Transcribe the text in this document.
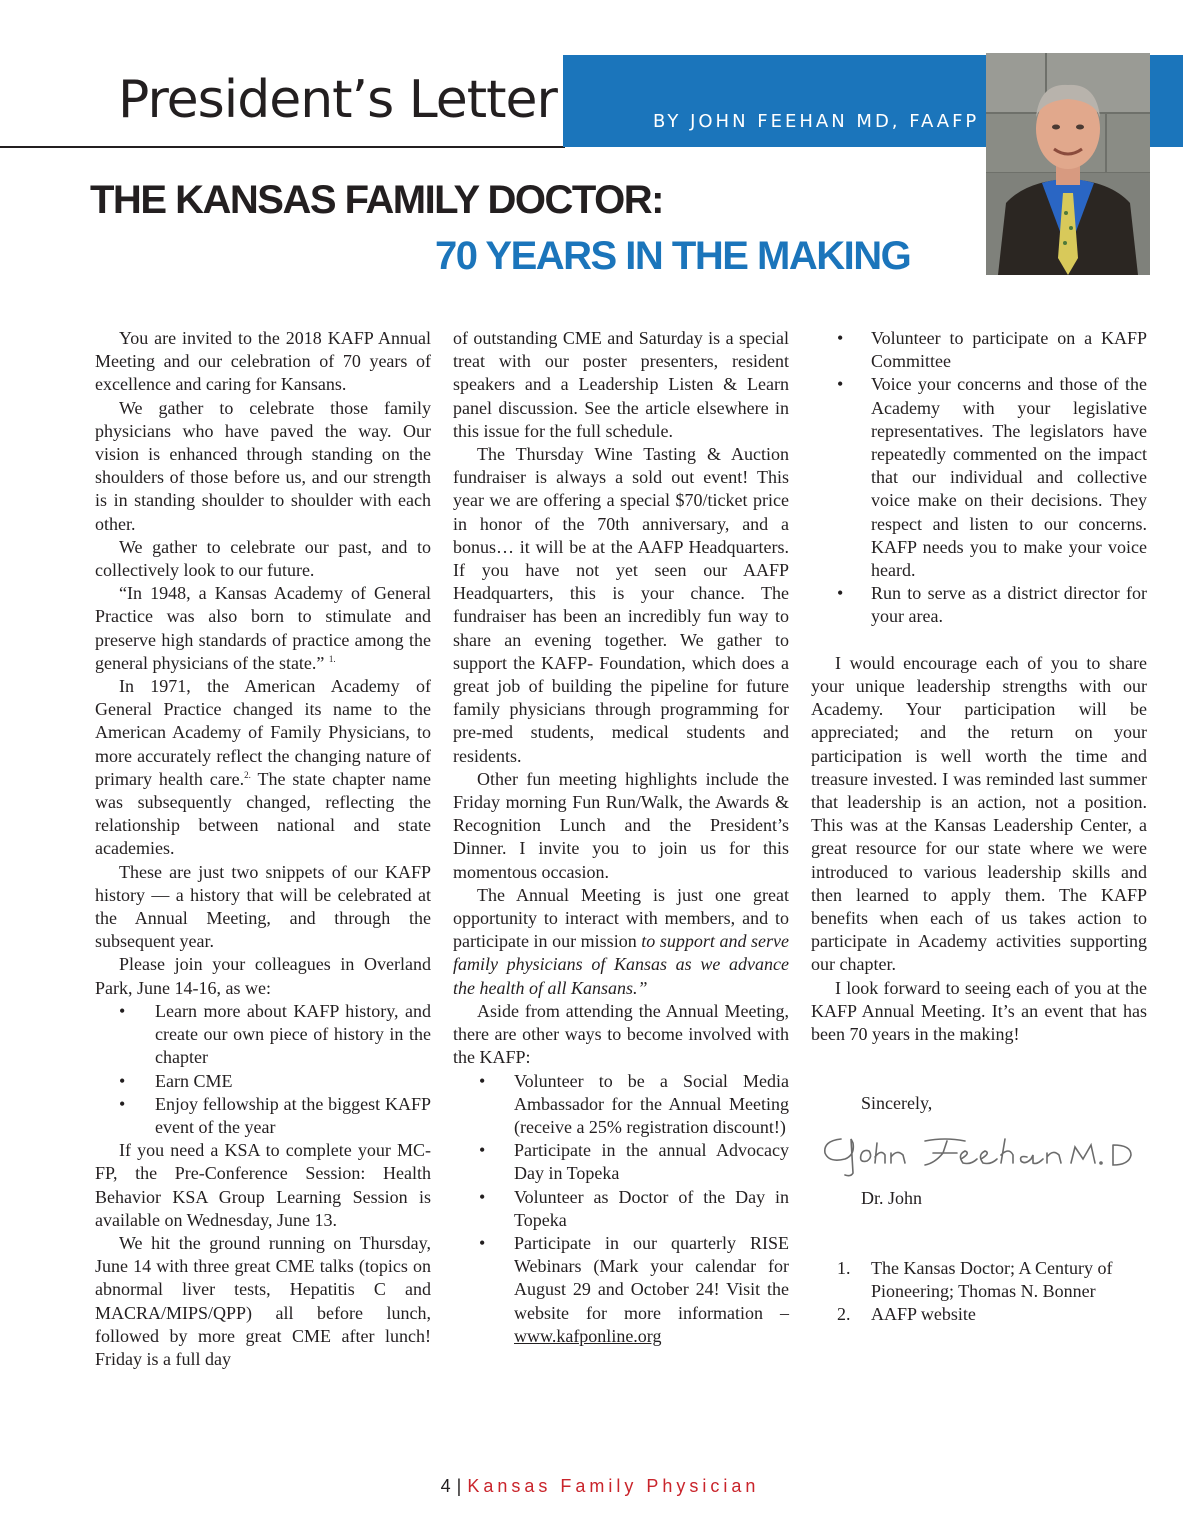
President’s Letter	BY JOHN FEEHAN MD, FAAFP
THE KANSAS FAMILY DOCTOR:
70 YEARS IN THE MAKING

You are invited to the 2018 KAFP Annual Meeting and our celebration of 70 years of excellence and caring for Kansans.

We gather to celebrate those family physicians who have paved the way. Our vision is enhanced through standing on the shoulders of those before us, and our strength is in standing shoulder to shoulder with each other.

We gather to celebrate our past, and to collectively look to our future.

“In 1948, a Kansas Academy of General Practice was also born to stimulate and preserve high standards of practice among the general physicians of the state.” $^{1.}$

In 1971, the American Academy of General Practice changed its name to the American Academy of Family Physicians, to more accurately reflect the changing nature of primary health care.$^{2.}$ The state chapter name was subsequently changed, reflecting the relationship between national and state academies.

These are just two snippets of our KAFP history — a history that will be celebrated at the Annual Meeting, and through the subsequent year.

Please join your colleagues in Overland Park, June 14-16, as we:

• Learn more about KAFP history, and create our own piece of history in the chapter
• Earn CME
• Enjoy fellowship at the biggest KAFP event of the year

If you need a KSA to complete your MC-FP, the Pre-Conference Session: Health Behavior KSA Group Learning Session is available on Wednesday, June 13.

We hit the ground running on Thursday, June 14 with three great CME talks (topics on abnormal liver tests, Hepatitis C and MACRA/MIPS/QPP) all before lunch, followed by more great CME after lunch! Friday is a full day

of outstanding CME and Saturday is a special treat with our poster presenters, resident speakers and a Leadership Listen & Learn panel discussion. See the article elsewhere in this issue for the full schedule.

The Thursday Wine Tasting & Auction fundraiser is always a sold out event! This year we are offering a special $70/ticket price in honor of the 70th anniversary, and a bonus… it will be at the AAFP Headquarters. If you have not yet seen our AAFP Headquarters, this is your chance. The fundraiser has been an incredibly fun way to share an evening together. We gather to support the KAFP- Foundation, which does a great job of building the pipeline for future family physicians through programming for pre-med students, medical students and residents.

Other fun meeting highlights include the Friday morning Fun Run/Walk, the Awards & Recognition Lunch and the President’s Dinner. I invite you to join us for this momentous occasion.

The Annual Meeting is just one great opportunity to interact with members, and to participate in our mission to support and serve family physicians of Kansas as we advance the health of all Kansans.”

Aside from attending the Annual Meeting, there are other ways to become involved with the KAFP:

• Volunteer to be a Social Media Ambassador for the Annual Meeting (receive a 25% registration discount!)
• Participate in the annual Advocacy Day in Topeka
• Volunteer as Doctor of the Day in Topeka
• Participate in our quarterly RISE Webinars (Mark your calendar for August 29 and October 24! Visit the website for more information – www.kafponline.org
• Volunteer to participate on a KAFP Committee
• Voice your concerns and those of the Academy with your legislative representatives. The legislators have repeatedly commented on the impact that our individual and collective voice make on their decisions. They respect and listen to our concerns. KAFP needs you to make your voice heard.
• Run to serve as a district director for your area.

I would encourage each of you to share your unique leadership strengths with our Academy. Your participation will be appreciated; and the return on your participation is well worth the time and treasure invested. I was reminded last summer that leadership is an action, not a position. This was at the Kansas Leadership Center, a great resource for our state where we were introduced to various leadership skills and then learned to apply them. The KAFP benefits when each of us takes action to participate in Academy activities supporting our chapter.

I look forward to seeing each of you at the KAFP Annual Meeting. It’s an event that has been 70 years in the making!

Sincerely,

Dr. John

1. The Kansas Doctor; A Century of Pioneering; Thomas N. Bonner
2. AAFP website
4 | Kansas Family Physician
